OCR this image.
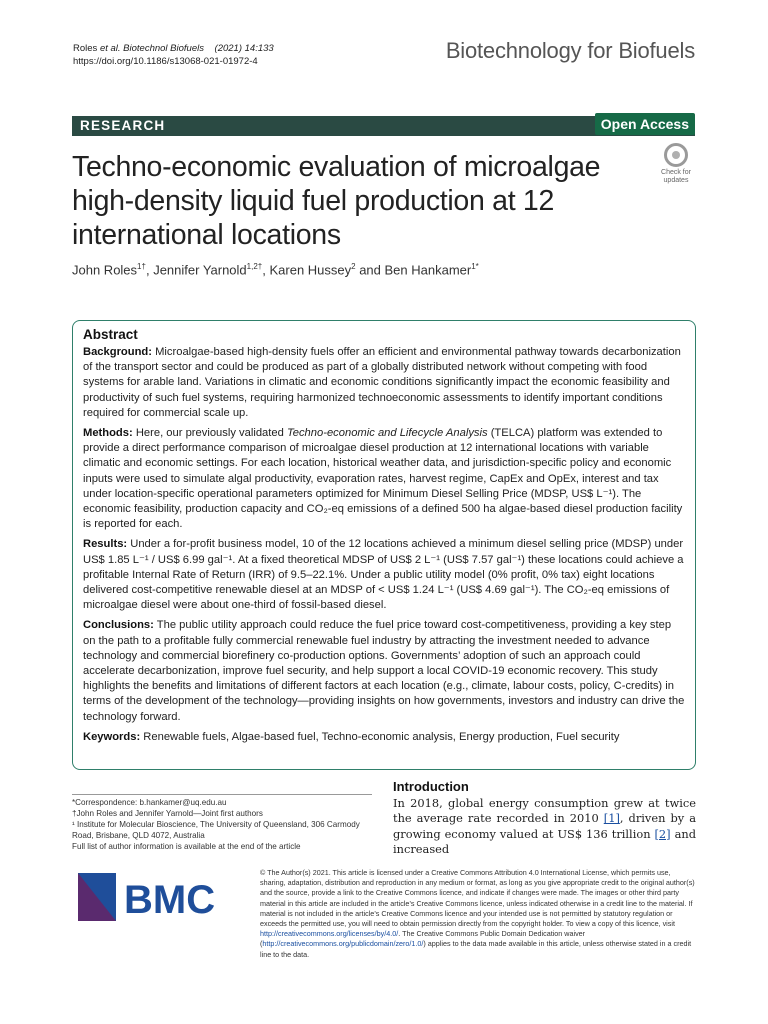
Roles et al. Biotechnol Biofuels (2021) 14:133
https://doi.org/10.1186/s13068-021-01972-4	Biotechnology for Biofuels
RESEARCH	Open Access
Techno-economic evaluation of microalgae high-density liquid fuel production at 12 international locations
Check for updates
John Roles$^{1\dagger}$, Jennifer Yarnold$^{1,2\dagger}$, Karen Hussey$^2$ and Ben Hankamer$^{1*}$
Abstract

Background: Microalgae-based high-density fuels offer an efficient and environmental pathway towards decarbonization of the transport sector and could be produced as part of a globally distributed network without competing with food systems for arable land. Variations in climatic and economic conditions significantly impact the economic feasibility and productivity of such fuel systems, requiring harmonized technoeconomic assessments to identify important conditions required for commercial scale up.

Methods: Here, our previously validated Techno-economic and Lifecycle Analysis (TELCA) platform was extended to provide a direct performance comparison of microalgae diesel production at 12 international locations with variable climatic and economic settings. For each location, historical weather data, and jurisdiction-specific policy and economic inputs were used to simulate algal productivity, evaporation rates, harvest regime, CapEx and OpEx, interest and tax under location-specific operational parameters optimized for Minimum Diesel Selling Price (MDSP, US$ L⁻¹). The economic feasibility, production capacity and CO₂-eq emissions of a defined 500 ha algae-based diesel production facility is reported for each.

Results: Under a for-profit business model, 10 of the 12 locations achieved a minimum diesel selling price (MDSP) under US$ 1.85 L⁻¹ / US$ 6.99 gal⁻¹. At a fixed theoretical MDSP of US$ 2 L⁻¹ (US$ 7.57 gal⁻¹) these locations could achieve a profitable Internal Rate of Return (IRR) of 9.5–22.1%. Under a public utility model (0% profit, 0% tax) eight locations delivered cost-competitive renewable diesel at an MDSP of < US$ 1.24 L⁻¹ (US$ 4.69 gal⁻¹). The CO₂-eq emissions of microalgae diesel were about one-third of fossil-based diesel.

Conclusions: The public utility approach could reduce the fuel price toward cost-competitiveness, providing a key step on the path to a profitable fully commercial renewable fuel industry by attracting the investment needed to advance technology and commercial biorefinery co-production options. Governments’ adoption of such an approach could accelerate decarbonization, improve fuel security, and help support a local COVID-19 economic recovery. This study highlights the benefits and limitations of different factors at each location (e.g., climate, labour costs, policy, C-credits) in terms of the development of the technology—providing insights on how governments, investors and industry can drive the technology forward.

Keywords: Renewable fuels, Algae-based fuel, Techno-economic analysis, Energy production, Fuel security

*Correspondence: b.hankamer@uq.edu.au
†John Roles and Jennifer Yarnold—Joint first authors
¹ Institute for Molecular Bioscience, The University of Queensland, 306 Carmody Road, Brisbane, QLD 4072, Australia
Full list of author information is available at the end of the article
Introduction
In 2018, global energy consumption grew at twice the average rate recorded in 2010 [1], driven by a growing economy valued at US$ 136 trillion [2] and increased
BMC
© The Author(s) 2021. This article is licensed under a Creative Commons Attribution 4.0 International License, which permits use, sharing, adaptation, distribution and reproduction in any medium or format, as long as you give appropriate credit to the original author(s) and the source, provide a link to the Creative Commons licence, and indicate if changes were made. The images or other third party material in this article are included in the article’s Creative Commons licence, unless indicated otherwise in a credit line to the material. If material is not included in the article’s Creative Commons licence and your intended use is not permitted by statutory regulation or exceeds the permitted use, you will need to obtain permission directly from the copyright holder. To view a copy of this licence, visit http://creativecommons.org/licenses/by/4.0/. The Creative Commons Public Domain Dedication waiver (http://creativecommons.org/publicdomain/zero/1.0/) applies to the data made available in this article, unless otherwise stated in a credit line to the data.
